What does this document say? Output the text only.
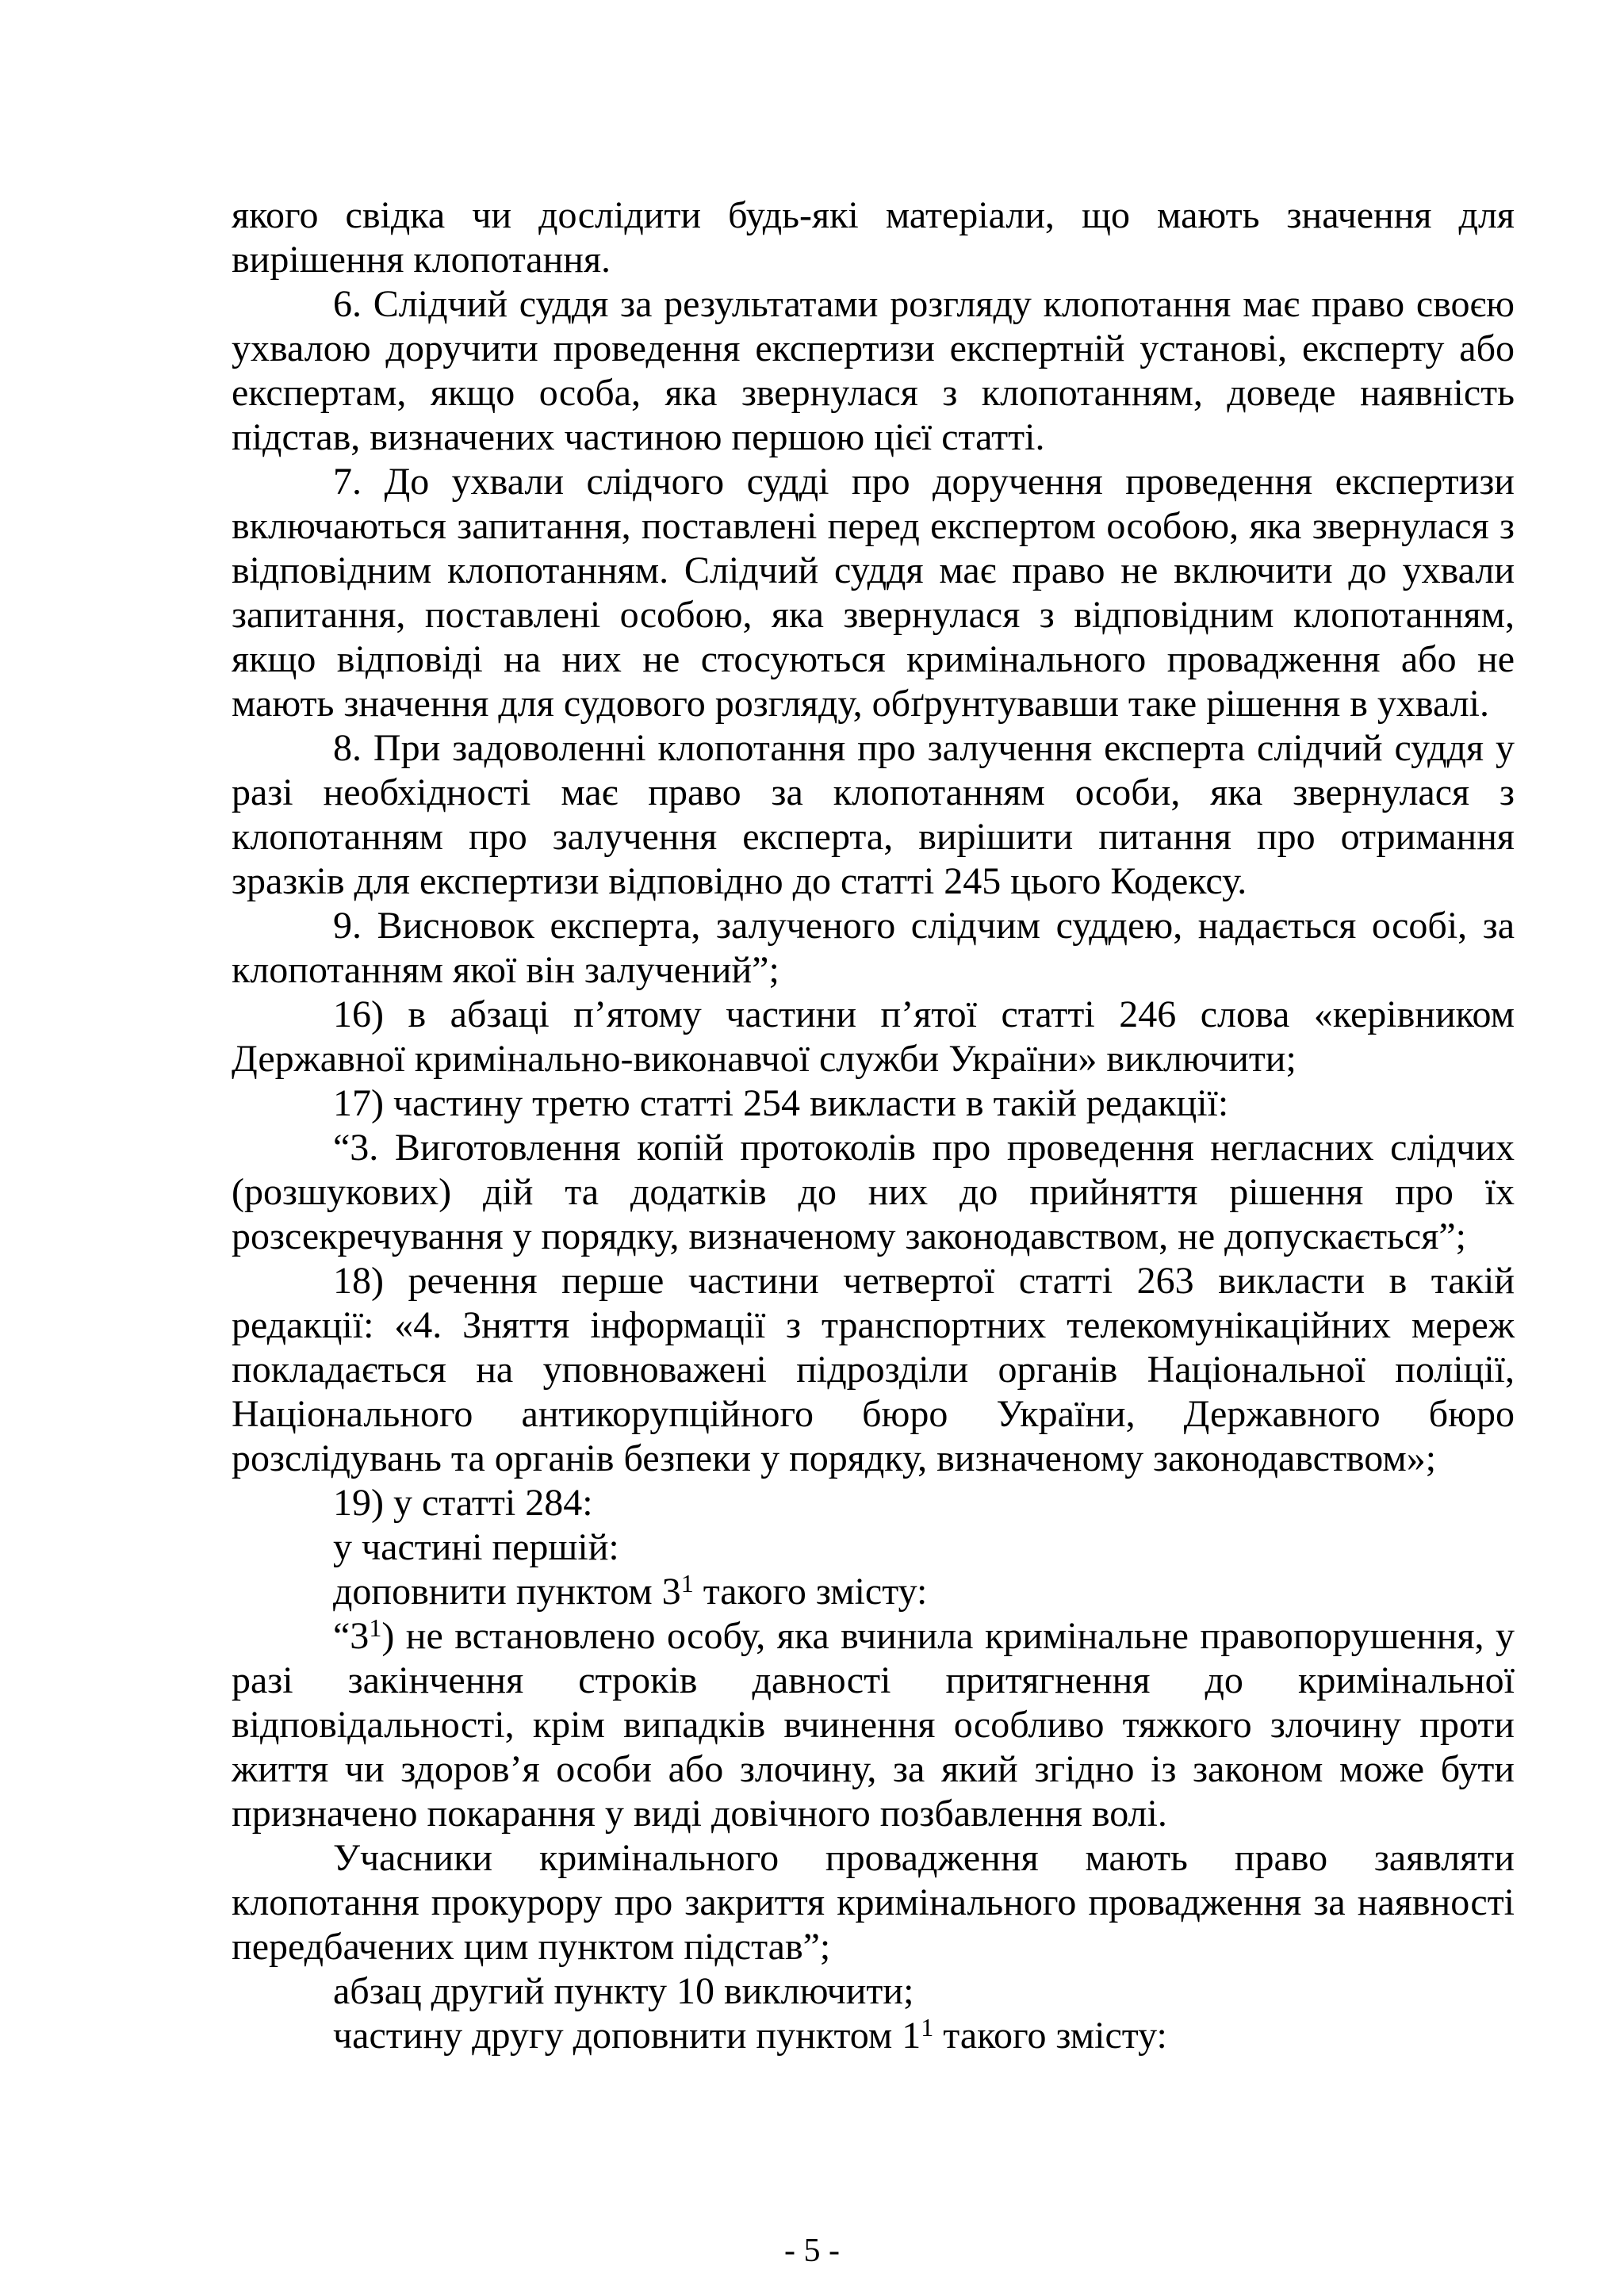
якого свідка чи дослідити будь-які матеріали, що мають значення для вирішення клопотання.

6. Слідчий суддя за результатами розгляду клопотання має право своєю ухвалою доручити проведення експертизи експертній установі, експерту або експертам, якщо особа, яка звернулася з клопотанням, доведе наявність підстав, визначених частиною першою цієї статті.

7. До ухвали слідчого судді про доручення проведення експертизи включаються запитання, поставлені перед експертом особою, яка звернулася з відповідним клопотанням. Слідчий суддя має право не включити до ухвали запитання, поставлені особою, яка звернулася з відповідним клопотанням, якщо відповіді на них не стосуються кримінального провадження або не мають значення для судового розгляду, обґрунтувавши таке рішення в ухвалі.

8. При задоволенні клопотання про залучення експерта слідчий суддя у разі необхідності має право за клопотанням особи, яка звернулася з клопотанням про залучення експерта, вирішити питання про отримання зразків для експертизи відповідно до статті 245 цього Кодексу.

9. Висновок експерта, залученого слідчим суддею, надається особі, за клопотанням якої він залучений”;

16) в абзаці п’ятому частини п’ятої статті 246 слова «керівником Державної кримінально-виконавчої служби України» виключити;

17) частину третю статті 254 викласти в такій редакції:

“3. Виготовлення копій протоколів про проведення негласних слідчих (розшукових) дій та додатків до них до прийняття рішення про їх розсекречування у порядку, визначеному законодавством, не допускається”;

18) речення перше частини четвертої статті 263 викласти в такій редакції: «4. Зняття інформації з транспортних телекомунікаційних мереж покладається на уповноважені підрозділи органів Національної поліції, Національного антикорупційного бюро України, Державного бюро розслідувань та органів безпеки у порядку, визначеному законодавством»;

19) у статті 284:

у частині першій:

доповнити пунктом $3^1$ такого змісту:

“$3^1$) не встановлено особу, яка вчинила кримінальне правопорушення, у разі закінчення строків давності притягнення до кримінальної відповідальності, крім випадків вчинення особливо тяжкого злочину проти життя чи здоров’я особи або злочину, за який згідно із законом може бути призначено покарання у виді довічного позбавлення волі.

Учасники кримінального провадження мають право заявляти клопотання прокурору про закриття кримінального провадження за наявності передбачених цим пунктом підстав”;

абзац другий пункту 10 виключити;

частину другу доповнити пунктом $1^1$ такого змісту:

- 5 -
